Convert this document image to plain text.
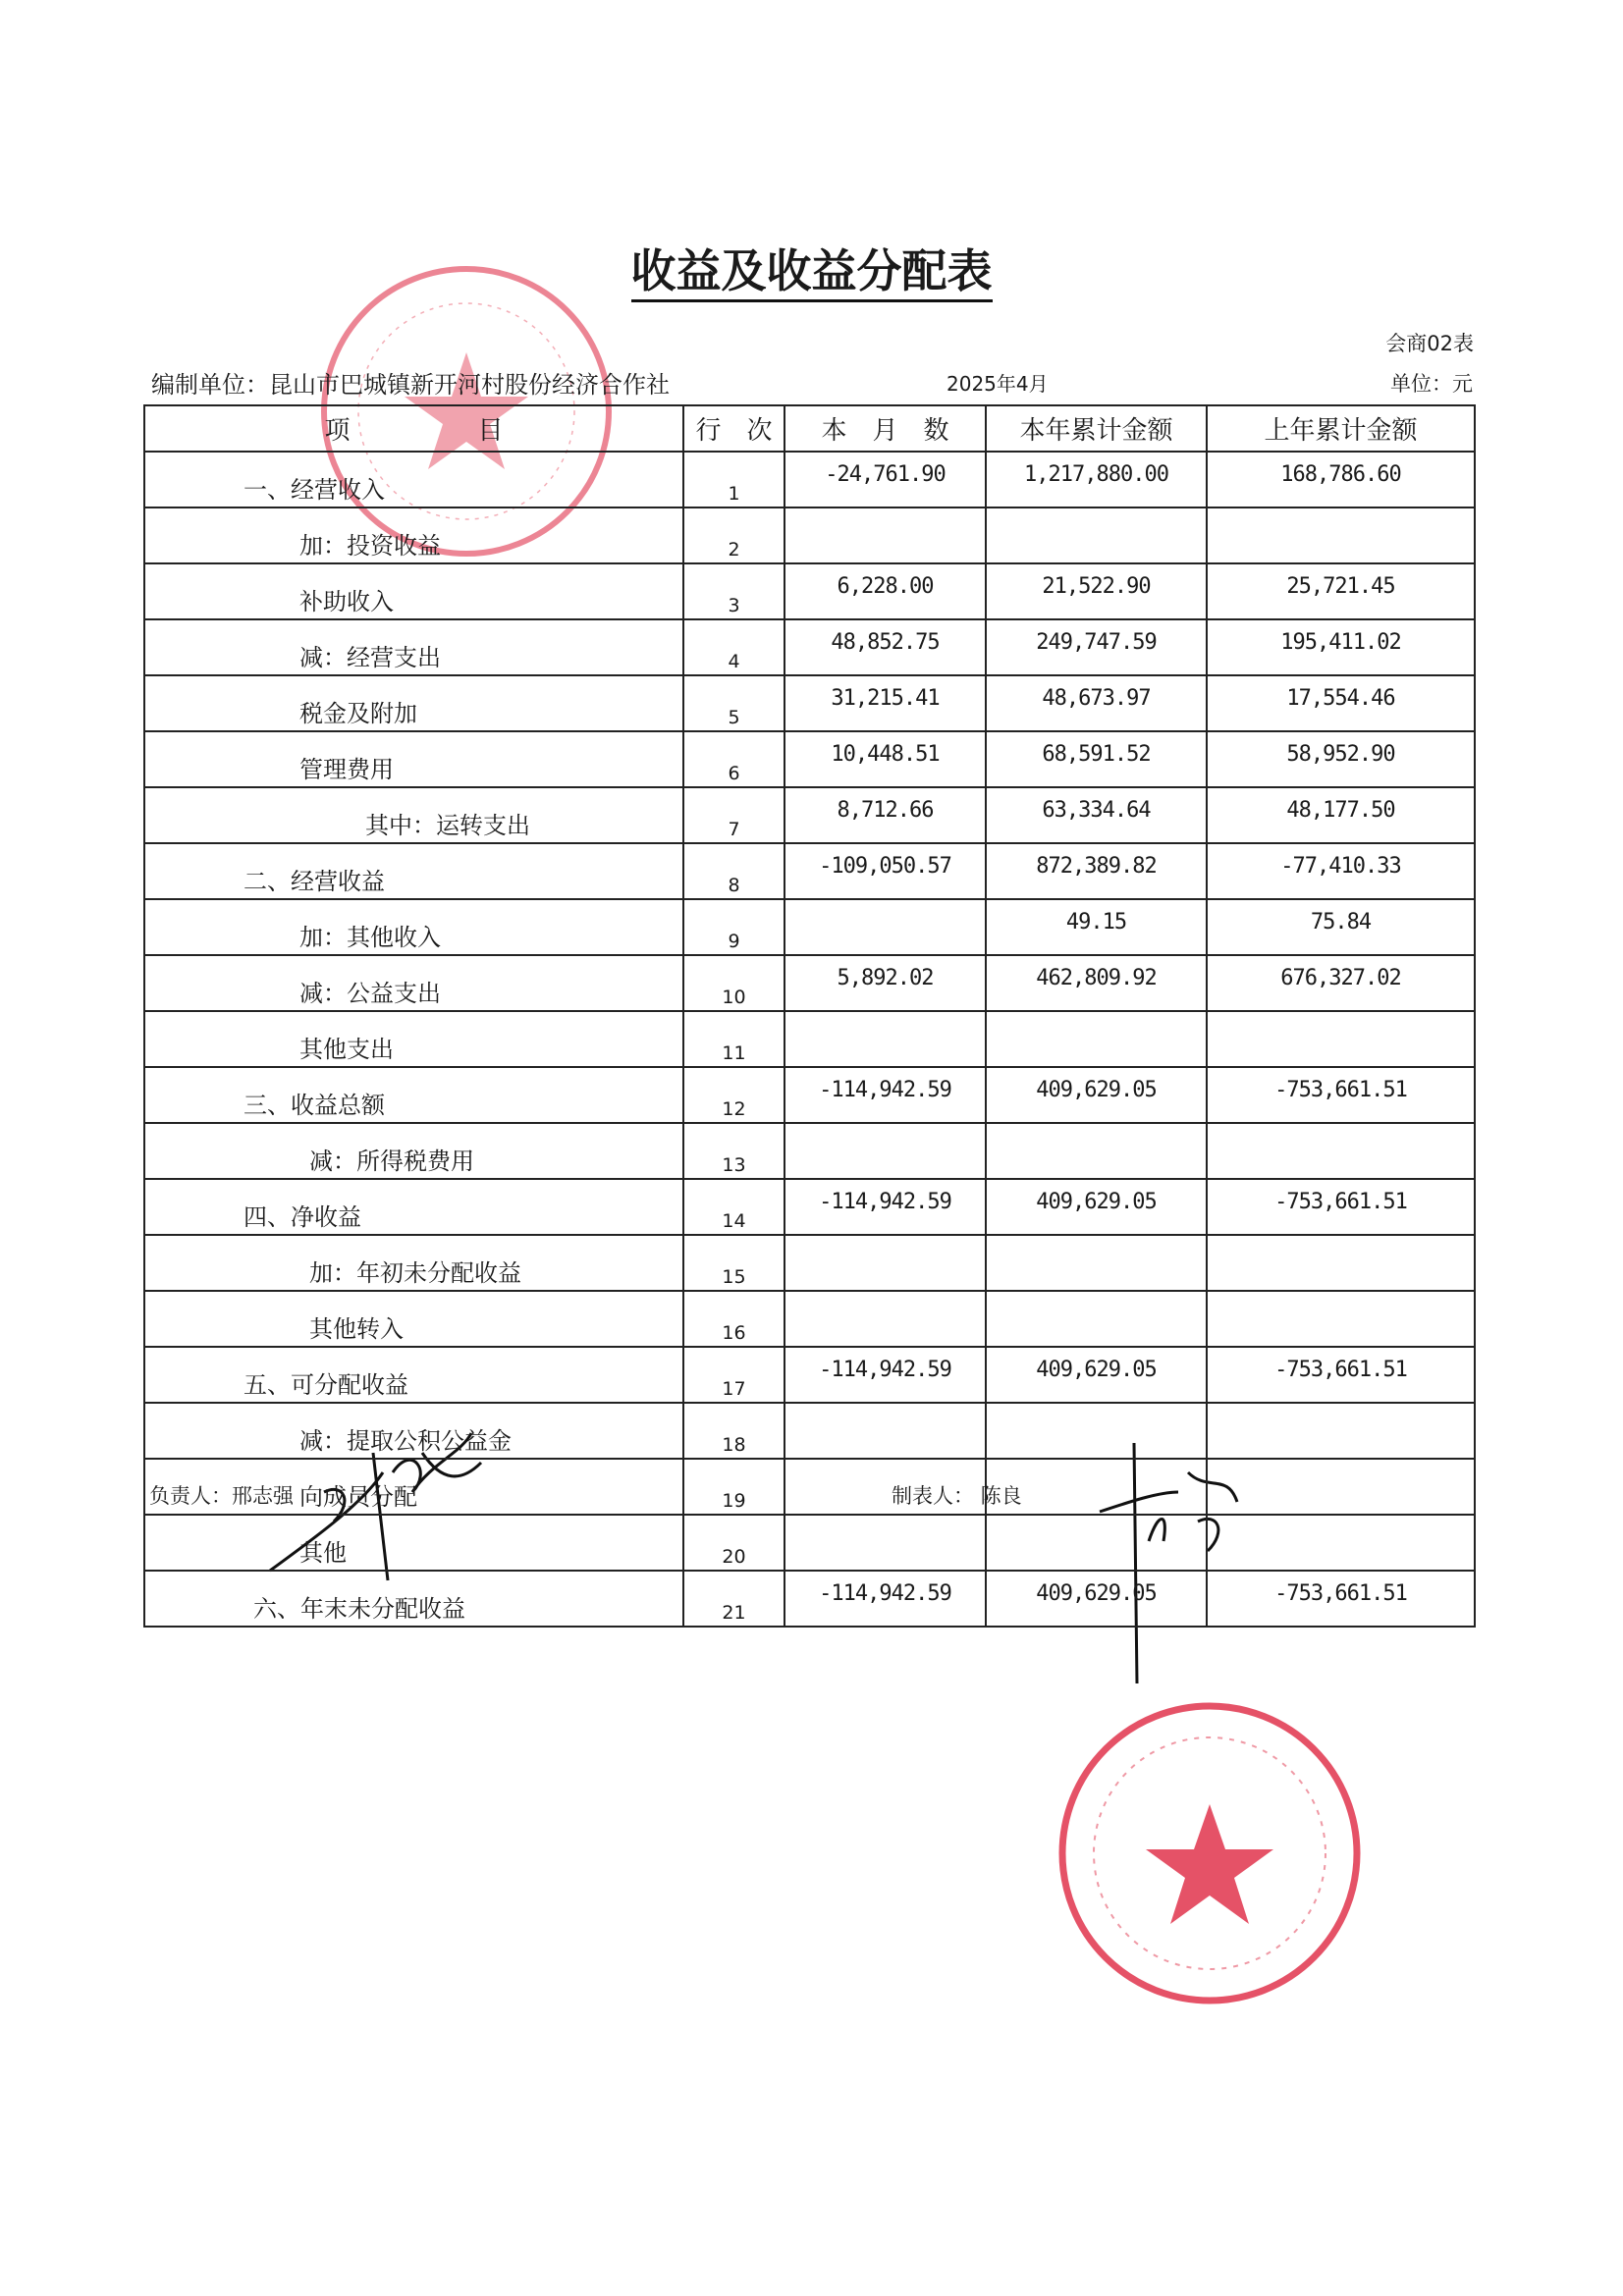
收益及收益分配表
会商02表
编制单位：昆山市巴城镇新开河村股份经济合作社	2025年4月	单位：元
项　　　　　目	行　次	本　月　数	本年累计金额	上年累计金额

一、经营收入	1	-24,761.90	1,217,880.00	168,786.60

加：投资收益	2			

补助收入	3	6,228.00	21,522.90	25,721.45

减：经营支出	4	48,852.75	249,747.59	195,411.02

税金及附加	5	31,215.41	48,673.97	17,554.46

管理费用	6	10,448.51	68,591.52	58,952.90

其中：运转支出	7	8,712.66	63,334.64	48,177.50

二、经营收益	8	-109,050.57	872,389.82	-77,410.33

加：其他收入	9		49.15	75.84

减：公益支出	10	5,892.02	462,809.92	676,327.02

其他支出	11			

三、收益总额	12	-114,942.59	409,629.05	-753,661.51

减：所得税费用	13			

四、净收益	14	-114,942.59	409,629.05	-753,661.51

加：年初未分配收益	15			

其他转入	16			

五、可分配收益	17	-114,942.59	409,629.05	-753,661.51

减：提取公积公益金	18			

向成员分配	19			

其他	20			

六、年末未分配收益	21	-114,942.59	409,629.05	-753,661.51
负责人：邢志强	制表人： 陈良
